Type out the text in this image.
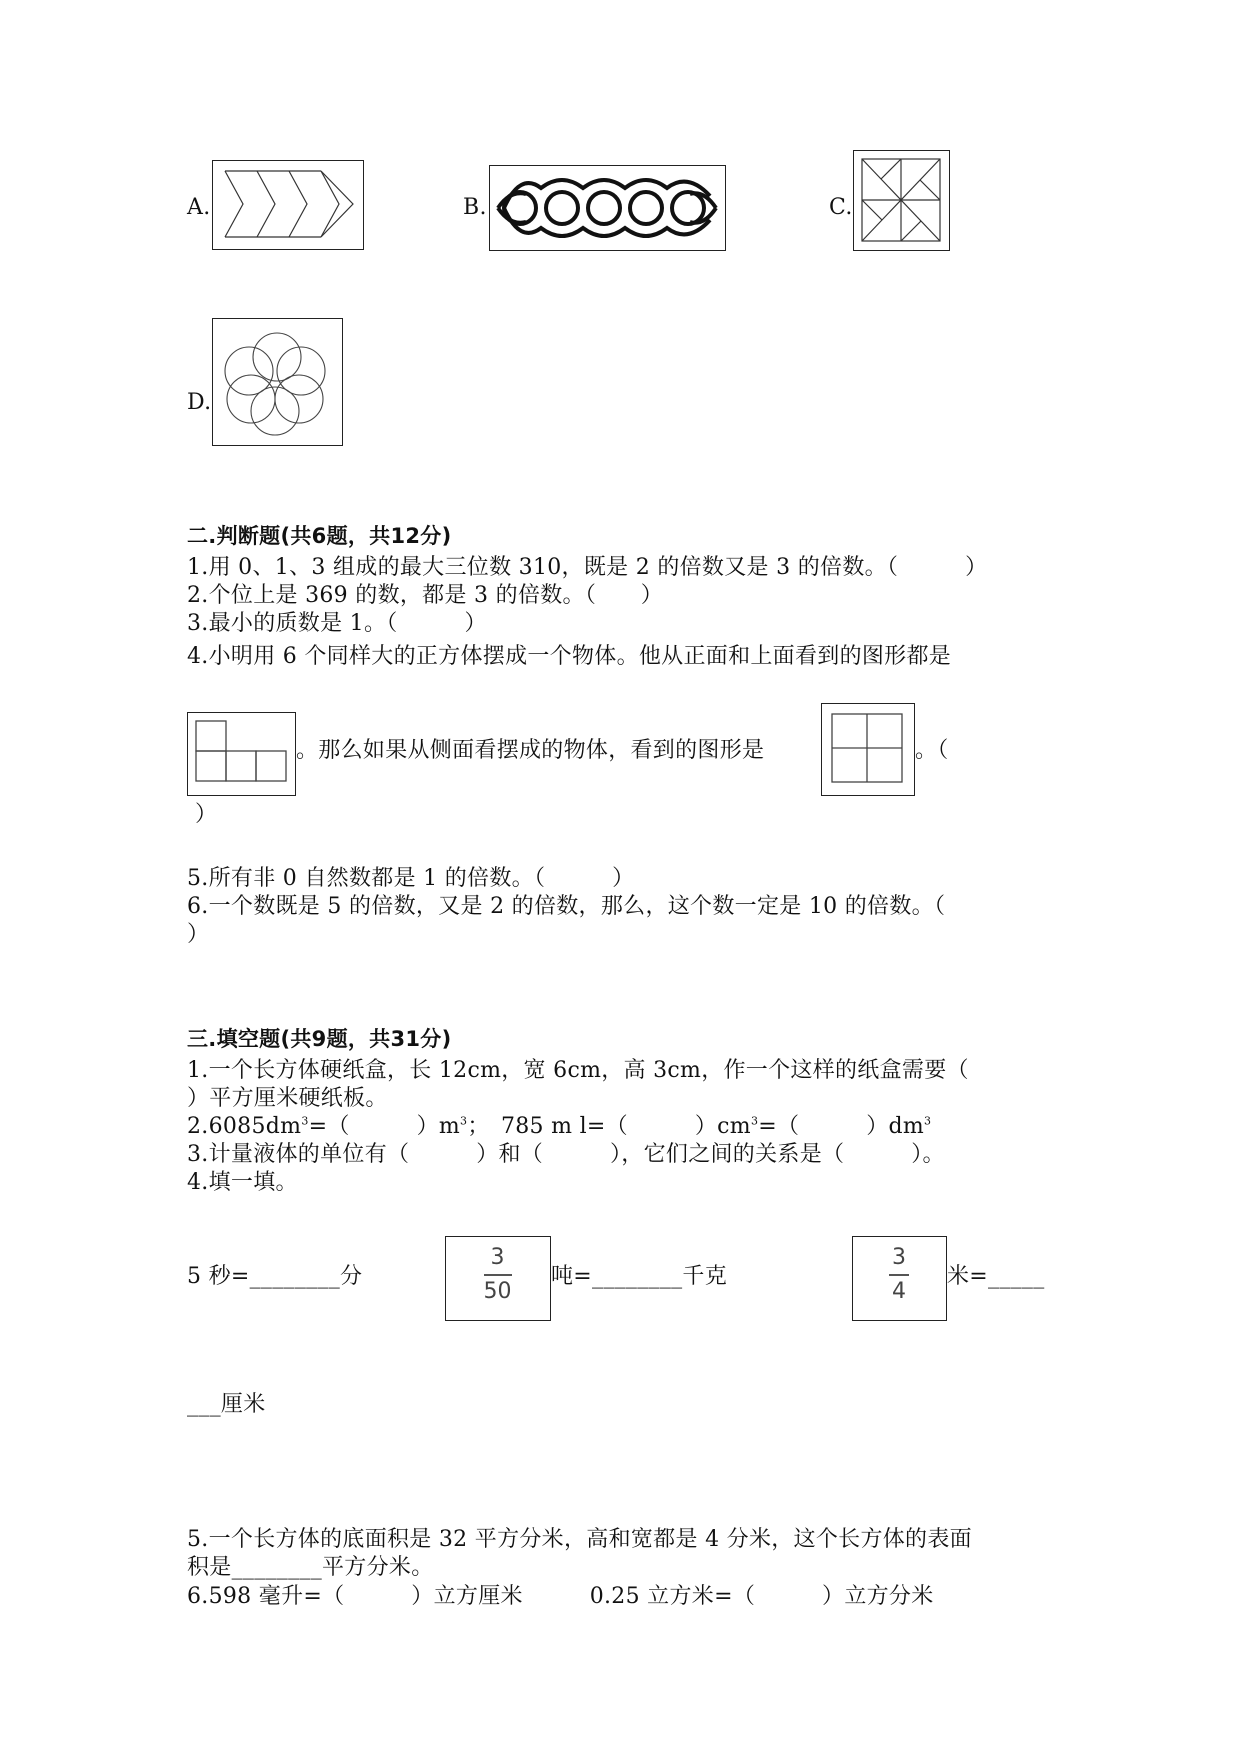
A.	B.	C.
D.
二.判断题(共6题，共12分)
1.用 0、1、3 组成的最大三位数 310，既是 2 的倍数又是 3 的倍数。（　　　）
2.个位上是 369 的数，都是 3 的倍数。（　　）
3.最小的质数是 1。（　　　）
4.小明用 6 个同样大的正方体摆成一个物体。他从正面和上面看到的图形都是
。那么如果从侧面看摆成的物体，看到的图形是	。（
）
5.所有非 0 自然数都是 1 的倍数。（　　　）
6.一个数既是 5 的倍数，又是 2 的倍数，那么，这个数一定是 10 的倍数。（
）
三.填空题(共9题，共31分)
1.一个长方体硬纸盒，长 12cm，宽 6cm，高 3cm，作一个这样的纸盒需要（
）平方厘米硬纸板。
$2.6085dm^3=$（　　　）$m^3$；　785 m l=（　　　）$cm^3=$（　　　）$dm^3$
3.计量液体的单位有（　　　）和（　　　），它们之间的关系是（　　　）。
4.填一填。
5 秒=________分
3
50
吨=________千克
3
4
米=_____
___厘米
5.一个长方体的底面积是 32 平方分米，高和宽都是 4 分米，这个长方体的表面
积是________平方分米。
6.598 毫升=（　　　）立方厘米　　　0.25 立方米=（　　　）立方分米
